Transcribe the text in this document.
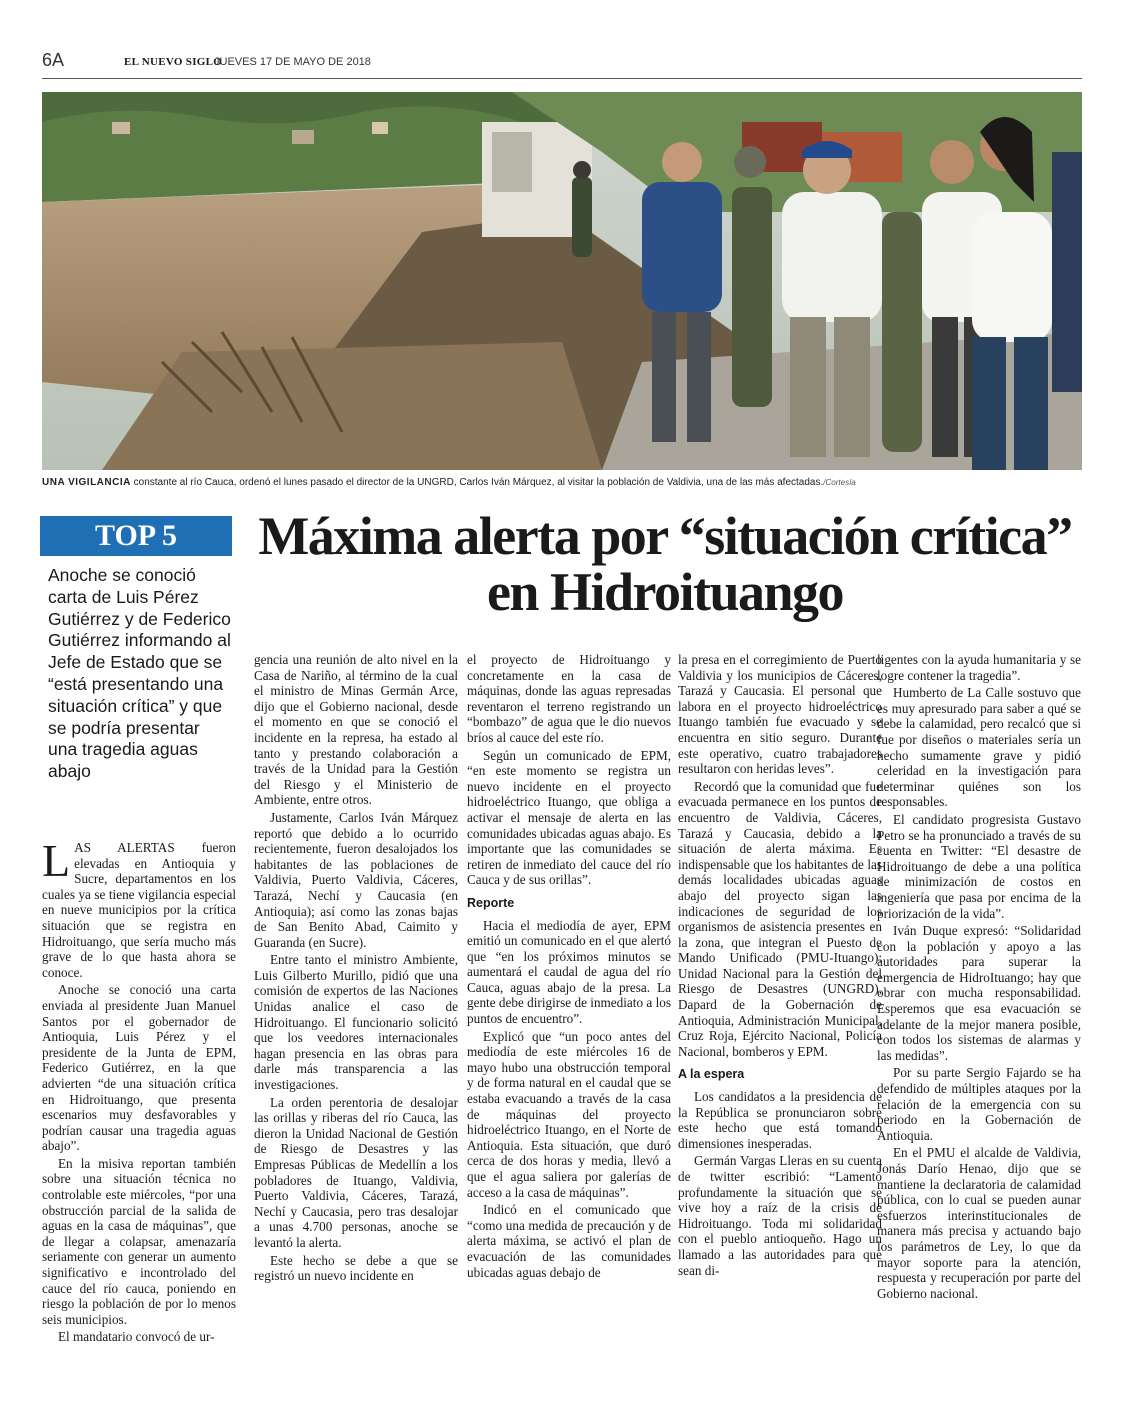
6A	EL NUEVO SIGLO
JUEVES 17 DE MAYO DE 2018
UNA VIGILANCIA constante al río Cauca, ordenó el lunes pasado el director de la UNGRD, Carlos Iván Márquez, al visitar la población de Valdivia, una de las más afectadas./Cortesía
TOP 5
Anoche se conoció carta de Luis Pérez Gutiérrez y de Federico Gutiérrez informando al Jefe de Estado que se “está presentando una situación crítica” y que se podría presentar una tragedia aguas abajo
Máxima alerta por “situación crítica” en Hidroituango

LAS ALERTAS fueron elevadas en Antioquia y Sucre, departamentos en los cuales ya se tiene vigilancia especial en nueve municipios por la crítica situación que se registra en Hidroituango, que sería mucho más grave de lo que hasta ahora se conoce.

Anoche se conoció una carta enviada al presidente Juan Manuel Santos por el gobernador de Antioquia, Luis Pérez y el presidente de la Junta de EPM, Federico Gutiérrez, en la que advierten “de una situación crítica en Hidroituango, que presenta escenarios muy desfavorables y podrían causar una tragedia aguas abajo”.

En la misiva reportan también sobre una situación técnica no controlable este miércoles, “por una obstrucción parcial de la salida de aguas en la casa de máquinas”, que de llegar a colapsar, amenazaría seriamente con generar un aumento significativo e incontrolado del cauce del río cauca, poniendo en riesgo la población de por lo menos seis municipios.

El mandatario convocó de ur-

gencia una reunión de alto nivel en la Casa de Nariño, al término de la cual el ministro de Minas Germán Arce, dijo que el Gobierno nacional, desde el momento en que se conoció el incidente en la represa, ha estado al tanto y prestando colaboración a través de la Unidad para la Gestión del Riesgo y el Ministerio de Ambiente, entre otros.

Justamente, Carlos Iván Márquez reportó que debido a lo ocurrido recientemente, fueron desalojados los habitantes de las poblaciones de Valdivia, Puerto Valdivia, Cáceres, Tarazá, Nechí y Caucasia (en Antioquia); así como las zonas bajas de San Benito Abad, Caimito y Guaranda (en Sucre).

Entre tanto el ministro Ambiente, Luis Gilberto Murillo, pidió que una comisión de expertos de las Naciones Unidas analice el caso de Hidroituango. El funcionario solicitó que los veedores internacionales hagan presencia en las obras para darle más transparencia a las investigaciones.

La orden perentoria de desalojar las orillas y riberas del río Cauca, las dieron la Unidad Nacional de Gestión de Riesgo de Desastres y las Empresas Públicas de Medellín a los pobladores de Ituango, Valdivia, Puerto Valdivia, Cáceres, Tarazá, Nechí y Caucasia, pero tras desalojar a unas 4.700 personas, anoche se levantó la alerta.

Este hecho se debe a que se registró un nuevo incidente en

el proyecto de Hidroituango y concretamente en la casa de máquinas, donde las aguas represadas reventaron el terreno registrando un “bombazo” de agua que le dio nuevos bríos al cauce del este río.

Según un comunicado de EPM, “en este momento se registra un nuevo incidente en el proyecto hidroeléctrico Ituango, que obliga a activar el mensaje de alerta en las comunidades ubicadas aguas abajo. Es importante que las comunidades se retiren de inmediato del cauce del río Cauca y de sus orillas”.

Reporte

Hacia el mediodía de ayer, EPM emitió un comunicado en el que alertó que “en los próximos minutos se aumentará el caudal de agua del río Cauca, aguas abajo de la presa. La gente debe dirigirse de inmediato a los puntos de encuentro”.

Explicó que “un poco antes del mediodía de este miércoles 16 de mayo hubo una obstrucción temporal y de forma natural en el caudal que se estaba evacuando a través de la casa de máquinas del proyecto hidroeléctrico Ituango, en el Norte de Antioquia. Esta situación, que duró cerca de dos horas y media, llevó a que el agua saliera por galerías de acceso a la casa de máquinas”.

Indicó en el comunicado que “como una medida de precaución y de alerta máxima, se activó el plan de evacuación de las comunidades ubicadas aguas debajo de

la presa en el corregimiento de Puerto Valdivia y los municipios de Cáceres, Tarazá y Caucasia. El personal que labora en el proyecto hidroeléctrico Ituango también fue evacuado y se encuentra en sitio seguro. Durante este operativo, cuatro trabajadores resultaron con heridas leves”.

Recordó que la comunidad que fue evacuada permanece en los puntos de encuentro de Valdivia, Cáceres, Tarazá y Caucasia, debido a la situación de alerta máxima. Es indispensable que los habitantes de las demás localidades ubicadas aguas abajo del proyecto sigan las indicaciones de seguridad de los organismos de asistencia presentes en la zona, que integran el Puesto de Mando Unificado (PMU-Ituango): Unidad Nacional para la Gestión del Riesgo de Desastres (UNGRD), Dapard de la Gobernación de Antioquia, Administración Municipal, Cruz Roja, Ejército Nacional, Policía Nacional, bomberos y EPM.

A la espera

Los candidatos a la presidencia de la República se pronunciaron sobre este hecho que está tomando dimensiones inesperadas.

Germán Vargas Lleras en su cuenta de twitter escribió: “Lamento profundamente la situación que se vive hoy a raíz de la crisis de Hidroituango. Toda mi solidaridad con el pueblo antioqueño. Hago un llamado a las autoridades para que sean di-

ligentes con la ayuda humanitaria y se logre contener la tragedia”.

Humberto de La Calle sostuvo que es muy apresurado para saber a qué se debe la calamidad, pero recalcó que si fue por diseños o materiales sería un hecho sumamente grave y pidió celeridad en la investigación para determinar quiénes son los responsables.

El candidato progresista Gustavo Petro se ha pronunciado a través de su cuenta en Twitter: “El desastre de Hidroituango de debe a una política de minimización de costos en ingeniería que pasa por encima de la priorización de la vida”.

Iván Duque expresó: “Solidaridad con la población y apoyo a las autoridades para superar la emergencia de HidroItuango; hay que obrar con mucha responsabilidad. Esperemos que esa evacuación se adelante de la mejor manera posible, con todos los sistemas de alarmas y las medidas”.

Por su parte Sergio Fajardo se ha defendido de múltiples ataques por la relación de la emergencia con su periodo en la Gobernación de Antioquia.

En el PMU el alcalde de Valdivia, Jonás Darío Henao, dijo que se mantiene la declaratoria de calamidad pública, con lo cual se pueden aunar esfuerzos interinstitucionales de manera más precisa y actuando bajo los parámetros de Ley, lo que da mayor soporte para la atención, respuesta y recuperación por parte del Gobierno nacional.
